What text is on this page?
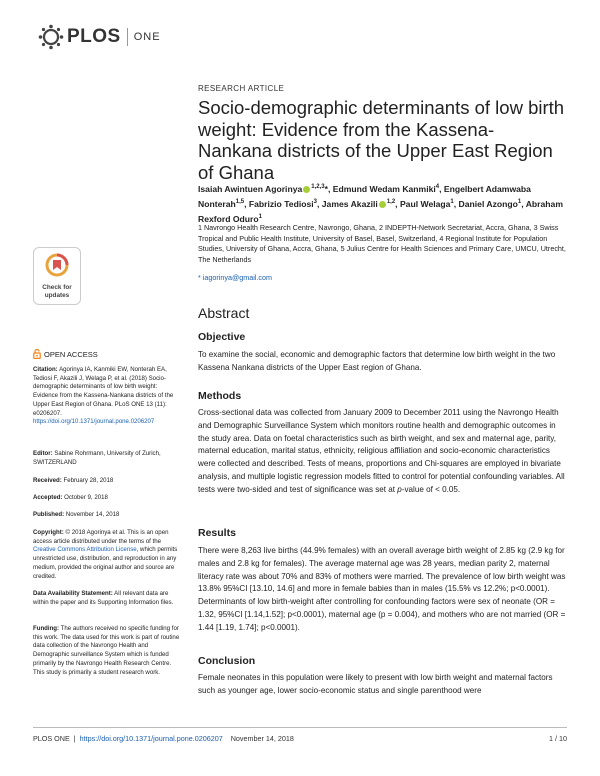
PLOS ONE
RESEARCH ARTICLE
Socio-demographic determinants of low birth weight: Evidence from the Kassena-Nankana districts of the Upper East Region of Ghana
Isaiah Awintuen Agorinya $^{1,2,3}$*, Edmund Wedam Kanmiki$^4$, Engelbert Adamwaba Nonterah$^{1,5}$, Fabrizio Tediosi$^3$, James Akazili $^{1,2}$, Paul Welaga$^1$, Daniel Azongo$^1$, Abraham Rexford Oduro$^1$
1 Navrongo Health Research Centre, Navrongo, Ghana, 2 INDEPTH-Network Secretariat, Accra, Ghana, 3 Swiss Tropical and Public Health Institute, University of Basel, Basel, Switzerland, 4 Regional Institute for Population Studies, University of Ghana, Accra, Ghana, 5 Julius Centre for Health Sciences and Primary Care, UMCU, Utrecht, The Netherlands
* iagorinya@gmail.com
Abstract
Objective
To examine the social, economic and demographic factors that determine low birth weight in the two Kassena Nankana districts of the Upper East region of Ghana.
Methods
Cross-sectional data was collected from January 2009 to December 2011 using the Navrongo Health and Demographic Surveillance System which monitors routine health and demographic outcomes in the study area. Data on foetal characteristics such as birth weight, and sex and maternal age, parity, maternal education, marital status, ethnicity, religious affiliation and socio-economic characteristics were collected and described. Tests of means, proportions and Chi-squares are employed in bivariate analysis, and multiple logistic regression models fitted to control for potential confounding variables. All tests were two-sided and test of significance was set at p-value of < 0.05.
Results
There were 8,263 live births (44.9% females) with an overall average birth weight of 2.85 kg (2.9 kg for males and 2.8 kg for females). The average maternal age was 28 years, median parity 2, maternal literacy rate was about 70% and 83% of mothers were married. The prevalence of low birth weight was 13.8% 95%CI [13.10, 14.6] and more in female babies than in males (15.5% vs 12.2%; p<0.0001). Determinants of low birth-weight after controlling for confounding factors were sex of neonate (OR = 1.32, 95%CI [1.14,1.52]; p<0.0001), maternal age (p = 0.004), and mothers who are not married (OR = 1.44 [1.19, 1.74]; p<0.0001).
Conclusion
Female neonates in this population were likely to present with low birth weight and maternal factors such as younger age, lower socio-economic status and single parenthood were
Check for updates
OPEN ACCESS
Citation: Agorinya IA, Kanmiki EW, Nonterah EA, Tediosi F, Akazili J, Welaga P, et al. (2018) Socio-demographic determinants of low birth weight: Evidence from the Kassena-Nankana districts of the Upper East Region of Ghana. PLoS ONE 13 (11): e0206207. https://doi.org/10.1371/journal.pone.0206207
Editor: Sabine Rohrmann, University of Zurich, SWITZERLAND
Received: February 28, 2018
Accepted: October 9, 2018
Published: November 14, 2018
Copyright: © 2018 Agorinya et al. This is an open access article distributed under the terms of the Creative Commons Attribution License, which permits unrestricted use, distribution, and reproduction in any medium, provided the original author and source are credited.
Data Availability Statement: All relevant data are within the paper and its Supporting Information files.
Funding: The authors received no specific funding for this work. The data used for this work is part of routine data collection of the Navrongo Health and Demographic surveillance System which is funded primarily by the Navrongo Health Research Centre. This study is primarily a student research work.
PLOS ONE | https://doi.org/10.1371/journal.pone.0206207 November 14, 2018	1 / 10
